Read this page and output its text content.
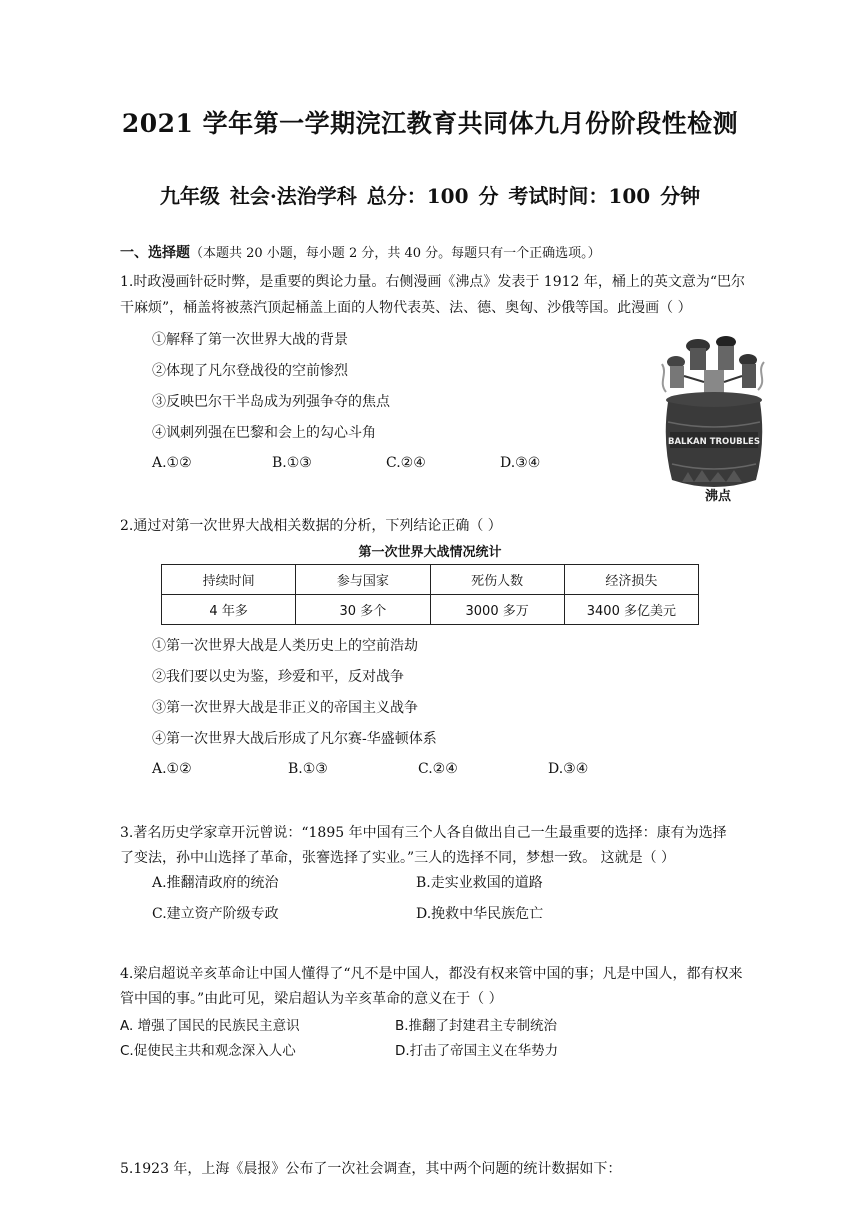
2021 学年第一学期浣江教育共同体九月份阶段性检测
九年级 社会·法治学科 总分：100 分 考试时间：100 分钟
一、选择题（本题共 20 小题，每小题 2 分，共 40 分。每题只有一个正确选项。）
1.时政漫画针砭时弊，是重要的舆论力量。右侧漫画《沸点》发表于 1912 年，桶上的英文意为“巴尔
干麻烦”，桶盖将被蒸汽顶起桶盖上面的人物代表英、法、德、奥匈、沙俄等国。此漫画（ ）
①解释了第一次世界大战的背景
②体现了凡尔登战役的空前惨烈
③反映巴尔干半岛成为列强争夺的焦点
④讽刺列强在巴黎和会上的勾心斗角
A.①②	B.①③	C.②④	D.③④
BALKAN TROUBLES
沸点
2.通过对第一次世界大战相关数据的分析，下列结论正确（ ）
第一次世界大战情况统计
持续时间	参与国家	死伤人数	经济损失
4 年多	30 多个	3000 多万	3400 多亿美元
①第一次世界大战是人类历史上的空前浩劫
②我们要以史为鉴，珍爱和平，反对战争
③第一次世界大战是非正义的帝国主义战争
④第一次世界大战后形成了凡尔赛-华盛顿体系
A.①②	B.①③	C.②④	D.③④
3.著名历史学家章开沅曾说：“1895 年中国有三个人各自做出自己一生最重要的选择：康有为选择
了变法，孙中山选择了革命，张謇选择了实业。”三人的选择不同，梦想一致。 这就是（ ）
A.推翻清政府的统治	B.走实业救国的道路
C.建立资产阶级专政	D.挽救中华民族危亡
4.梁启超说辛亥革命让中国人懂得了“凡不是中国人，都没有权来管中国的事；凡是中国人，都有权来
管中国的事。”由此可见，梁启超认为辛亥革命的意义在于（ ）
A. 增强了国民的民族民主意识	B.推翻了封建君主专制统治
C.促使民主共和观念深入人心	D.打击了帝国主义在华势力
5.1923 年，上海《晨报》公布了一次社会调查，其中两个问题的统计数据如下：
